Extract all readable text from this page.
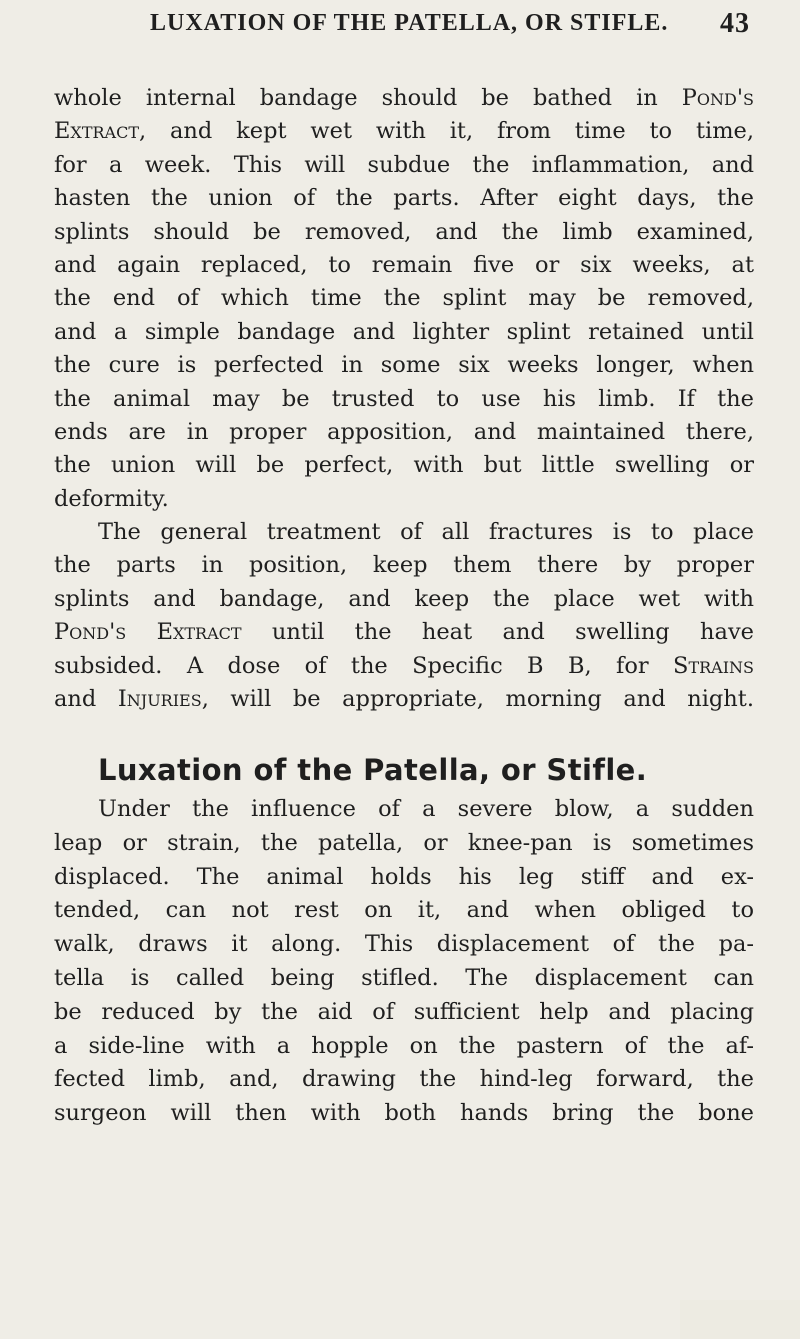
LUXATION OF THE PATELLA, OR STIFLE. 43
whole internal bandage should be bathed in Pond's
Extract, and kept wet with it, from time to time,
for a week. This will subdue the inflammation, and
hasten the union of the parts. After eight days, the
splints should be removed, and the limb examined,
and again replaced, to remain five or six weeks, at
the end of which time the splint may be removed,
and a simple bandage and lighter splint retained until
the cure is perfected in some six weeks longer, when
the animal may be trusted to use his limb. If the
ends are in proper apposition, and maintained there,
the union will be perfect, with but little swelling or
deformity.
The general treatment of all fractures is to place
the parts in position, keep them there by proper
splints and bandage, and keep the place wet with
Pond's Extract until the heat and swelling have
subsided. A dose of the Specific B B, for Strains
and Injuries, will be appropriate, morning and night.
Luxation of the Patella, or Stifle.
Under the influence of a severe blow, a sudden
leap or strain, the patella, or knee-pan is sometimes
displaced. The animal holds his leg stiff and ex-
tended, can not rest on it, and when obliged to
walk, draws it along. This displacement of the pa-
tella is called being stifled. The displacement can
be reduced by the aid of sufficient help and placing
a side-line with a hopple on the pastern of the af-
fected limb, and, drawing the hind-leg forward, the
surgeon will then with both hands bring the bone
